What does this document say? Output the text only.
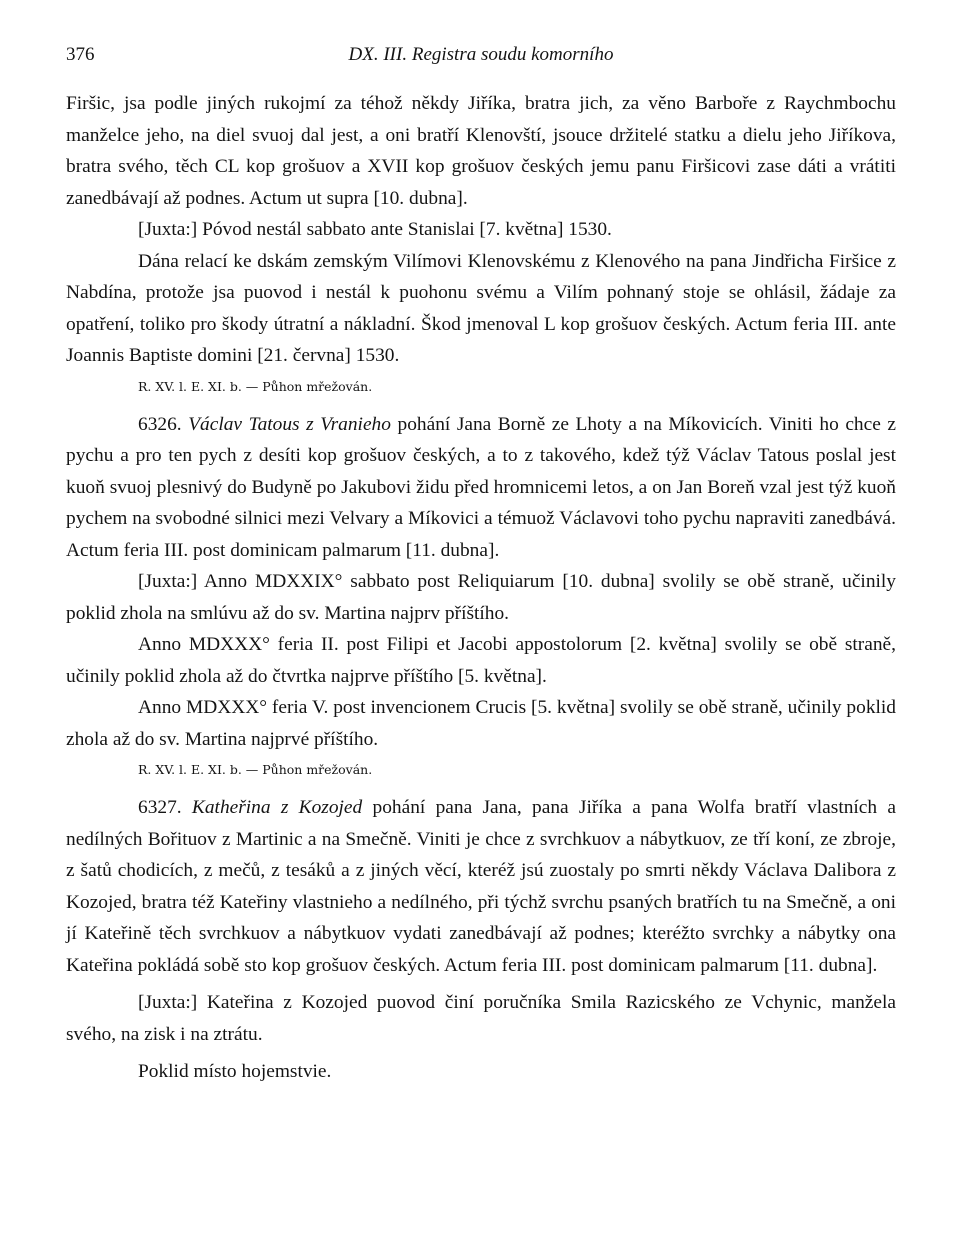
376	DX. III. Registra soudu komorního

Firšic, jsa podle jiných rukojmí za téhož někdy Jiříka, bratra jich, za věno Barboře z Raychmbochu manželce jeho, na diel svuoj dal jest, a oni bratří Klenovští, jsouce držitelé statku a dielu jeho Jiříkova, bratra svého, těch CL kop grošuov a XVII kop grošuov českých jemu panu Firšicovi zase dáti a vrátiti zanedbávají až podnes. Actum ut supra [10. dubna].

[Juxta:] Póvod nestál sabbato ante Stanislai [7. května] 1530.

Dána relací ke dskám zemským Vilímovi Klenovskému z Klenového na pana Jindřicha Firšice z Nabdína, protože jsa puovod i nestál k puohonu svému a Vilím pohnaný stoje se ohlásil, žádaje za opatření, toliko pro škody útratní a nákladní. Škod jmenoval L kop grošuov českých. Actum feria III. ante Joannis Baptiste domini [21. června] 1530.

R. XV. l. E. XI. b. — Půhon mřežován.

6326. Václav Tatous z Vranieho pohání Jana Borně ze Lhoty a na Míkovicích. Viniti ho chce z pychu a pro ten pych z desíti kop grošuov českých, a to z takového, kdež týž Václav Tatous poslal jest kuoň svuoj plesnivý do Budyně po Jakubovi židu před hromnicemi letos, a on Jan Boreň vzal jest týž kuoň pychem na svobodné silnici mezi Velvary a Míkovici a témuož Václavovi toho pychu napraviti zanedbává. Actum feria III. post dominicam palmarum [11. dubna].

[Juxta:] Anno MDXXIX° sabbato post Reliquiarum [10. dubna] svolily se obě straně, učinily poklid zhola na smlúvu až do sv. Martina najprv příštího.

Anno MDXXX° feria II. post Filipi et Jacobi appostolorum [2. května] svolily se obě straně, učinily poklid zhola až do čtvrtka najprve příštího [5. května].

Anno MDXXX° feria V. post invencionem Crucis [5. května] svolily se obě straně, učinily poklid zhola až do sv. Martina najprvé příštího.

R. XV. l. E. XI. b. — Půhon mřežován.

6327. Katheřina z Kozojed pohání pana Jana, pana Jiříka a pana Wolfa bratří vlastních a nedílných Bořituov z Martinic a na Smečně. Viniti je chce z svrchkuov a nábytkuov, ze tří koní, ze zbroje, z šatů chodicích, z mečů, z tesáků a z jiných věcí, kteréž jsú zuostaly po smrti někdy Václava Dalibora z Kozojed, bratra též Kateřiny vlastnieho a nedílného, při týchž svrchu psaných bratřích tu na Smečně, a oni jí Kateřině těch svrchkuov a nábytkuov vydati zanedbávají až podnes; kteréžto svrchky a nábytky ona Kateřina pokládá sobě sto kop grošuov českých. Actum feria III. post dominicam palmarum [11. dubna].

[Juxta:] Kateřina z Kozojed puovod činí poručníka Smila Razicského ze Vchynic, manžela svého, na zisk i na ztrátu.

Poklid místo hojemstvie.
